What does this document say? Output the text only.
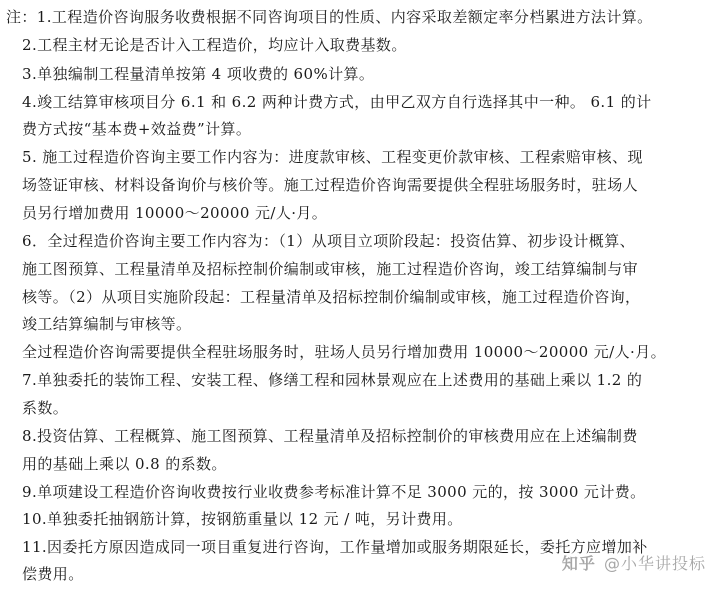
注：1.工程造价咨询服务收费根据不同咨询项目的性质、内容采取差额定率分档累进方法计算。
2.工程主材无论是否计入工程造价，均应计入取费基数。
3.单独编制工程量清单按第 4 项收费的 60%计算。
4.竣工结算审核项目分 6.1 和 6.2 两种计费方式，由甲乙双方自行选择其中一种。 6.1 的计
费方式按“基本费+效益费”计算。
5. 施工过程造价咨询主要工作内容为：进度款审核、工程变更价款审核、工程索赔审核、现
场签证审核、材料设备询价与核价等。施工过程造价咨询需要提供全程驻场服务时，驻场人
员另行增加费用 10000～20000 元/人·月。
6．全过程造价咨询主要工作内容为：（1）从项目立项阶段起：投资估算、初步设计概算、
施工图预算、工程量清单及招标控制价编制或审核，施工过程造价咨询，竣工结算编制与审
核等。（2）从项目实施阶段起：工程量清单及招标控制价编制或审核，施工过程造价咨询，
竣工结算编制与审核等。
全过程造价咨询需要提供全程驻场服务时，驻场人员另行增加费用 10000～20000 元/人·月。
7.单独委托的装饰工程、安装工程、修缮工程和园林景观应在上述费用的基础上乘以 1.2 的
系数。
8.投资估算、工程概算、施工图预算、工程量清单及招标控制价的审核费用应在上述编制费
用的基础上乘以 0.8 的系数。
9.单项建设工程造价咨询收费按行业收费参考标准计算不足 3000 元的，按 3000 元计费。
10.单独委托抽钢筋计算，按钢筋重量以 12 元 / 吨，另计费用。
11.因委托方原因造成同一项目重复进行咨询，工作量增加或服务期限延长，委托方应增加补
偿费用。
知乎 @小华讲投标
